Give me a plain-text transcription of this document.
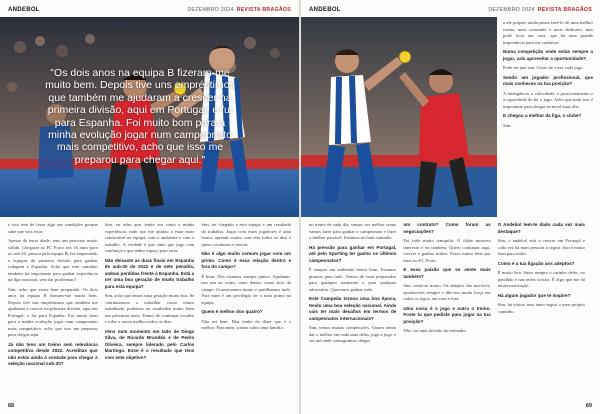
ANDEBOL	DEZEMBRO 2024 REVISTA BRAGÃOS
"Os dois anos na equipa B fizeram-me muito bem. Depois tive uns empréstimos que também me ajudaram a crescer na primeira divisão, aqui em Portugal, e fui para Espanha. Foi muito bom para a minha evolução jogar num campeonato mais competitivo, acho que isso me preparou para chegar aqui."

e isso tem de fazer algo em condições porque sabe que vais errar.

Apesar da tenra idade, tens um percurso muito sólido. Chegaste ao FC Porto aos 16 anos para os sub-20, passou pela equipa B, foi emprestado a equipas da primeira divisão para ganhar rodagem e Espanha. Acho que este caminho também foi importante para ganhar experiência na liga nacional, sem dar problemas?

Sim, acho que estou bem preparado. Os dois anos na equipa B fizeram-me muito bem. Depois tive uns empréstimos que também me ajudaram a crescer na primeira divisão, aqui em Portugal, e fui para Espanha. Foi muito bom para a minha evolução jogar num campeonato mais competitivo, acho que isso me preparou para chegar aqui.

Já não tens um treino sem relevância competitiva desde 2022. Acreditas que não estás ainda à vontade para chegar à seleção nacional sub-20?

Sim, eu acho que, tendo em conta a minha experiência, tudo isto me ajudou a estar mais confortável na equipa, com o ambiente e com o trabalho. A verdade é que sinto que jogo com confiança e que tenho espaço para errar.

Não deixaste as duas finais em Espanha de sub-20 de 2022 e de sete penaltis, ambas perdidas frente à Espanha. Está a ser uma boa geração de muito trabalho para esta equipa?

Sim, acho que temos uma geração muito boa. Se continuarmos a trabalhar como temos trabalhado, podemos ter resultados muito bons nos próximos anos. Temos de continuar focados e a dar o nosso melhor todos os dias.

Vens num momento em lado de Diogo Silva, de Ricardo Brandão e de Pedro Oliveira, sempre liderado pelo Carlos Martingo. Esse é o resultado que tens com este objetivo?

Sim, ter chegado a esta equipa é um resultado do trabalho. Jogar com estes jogadores é uma honra, aprendo muito com eles todos os dias e quero continuar a crescer.

Não é algo muito comum jogar com um primo. Como é essa relação dentro e fora do campo?

É bom. Nós estamos sempre juntos. Ajudamo-nos um ao outro, tanto dentro como fora do campo. Conversamos muito e partilhamos tudo. Para mim é um privilégio ter o meu primo na equipa.

Quem é melhor dos quatro?

Não sei bem. Mas tenho de dizer que é o melhor. Para mim, somos todos uma família.

68
ANDEBOL	DEZEMBRO 2024 REVISTA BRAGÃOS

a ele próprio ainda pensa fazê-lo de uma melhor forma, mais constante e mais dedicado, mas pode ficar em casa, que há uma grande importância para me conhecer.

Numa competição onde estás sempre a jogar, vais aproveitar a oportunidade?

Pode ser que sim. Gosto de viver cada jogo.

Sendo um jogador profissional, que mais conheces na tua posição?

A inteligência, a velocidade, o posicionamento e a capacidade de ler o jogo. Acho que tudo isso é importante para chegar ao nível mais alto.

E chegou a melhor da liga, o clube?

Sim.

no treino de cada dia, vamos ver melhor como vamos fazer para ganhar o campeonato e fazer o melhor possível. Estamos no bom caminho.

Há pressão para ganhar em Portugal, até pelo Sporting ter ganho os últimos campeonatos?

É sempre um ambiente muito bom. Estamos prontos para tudo. Temos de estar preparados para qualquer momento e para qualquer adversário. Queremos ganhar tudo.

Este Campeão tornou uma boa época, tendo uma boa seleção nacional. Ainda vais ter mais desafios em termos de campeonatos internacionais?

Sim, temos muitas competições. Vamos tentar dar o melhor em cada uma delas, jogo a jogo, e ver até onde conseguimos chegar.

um contrato? Como foram as negociações?

Foi tudo muito tranquilo. O clube mostrou interesse e eu também. Quero continuar aqui, crescer e ganhar títulos. Estou muito feliz por estar no FC Porto.

E essa paixão que se sente mais também?

Sim, sente-se muito. Os adeptos são incríveis, apoiam-nos sempre e dão-nos muita força em todos os jogos, em casa e fora.

Uma coisa é o jogo e outra o treino. Foste tu que pediste para jogar na tua posição?

Não, foi uma decisão do treinador.

O Andebol tem-te dado cada vez mais destaque?

Sim, o andebol está a crescer em Portugal e cada vez há mais pessoas a seguir. Isso é muito bom para todos.

Como é a tua ligação aos adeptos?

É muito boa. Sinto sempre o carinho deles, no pavilhão e nas redes sociais. É algo que me dá muita motivação.

Há algum jogador que te inspire?

Sim, há vários, mas tento seguir o meu próprio caminho.

69
